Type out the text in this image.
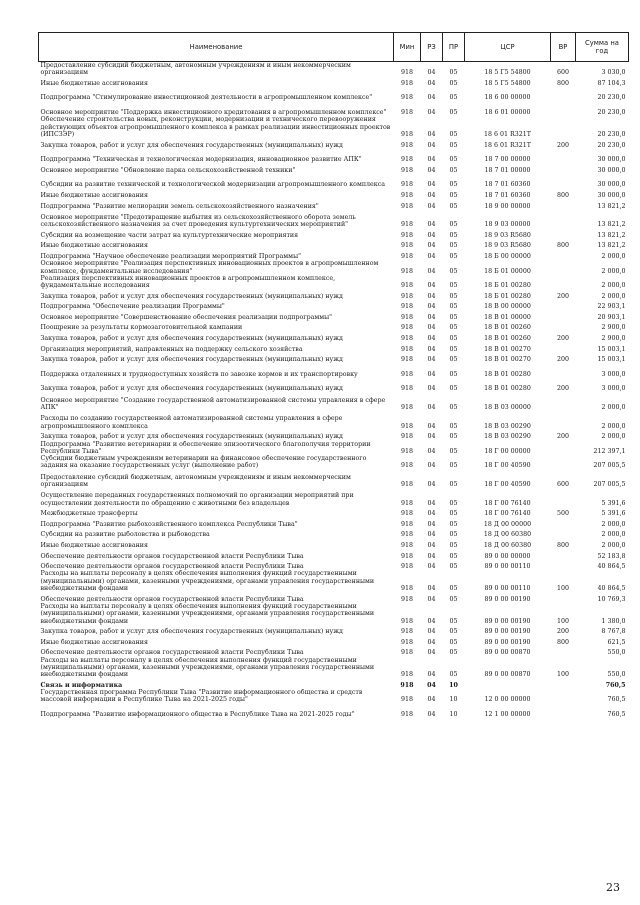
Наименование	Мин	РЗ	ПР	ЦСР	ВР	Сумма на год
Предоставление субсидий бюджетным, автономным учреждениям и иным некоммерческим организациям	918	04	05	18 5 Г5 54800	600	3 030,0
Иные бюджетные ассигнования	918	04	05	18 5 Г5 54800	800	87 104,3
Подпрограмма "Стимулирование инвестиционной деятельности в агропромышленном комплексе"	918	04	05	18 6 00 00000		20 230,0
Основное мероприятие "Поддержка инвестиционного кредитования в агропромышленном комплексе"	918	04	05	18 6 01 00000		20 230,0
Обеспечение строительства новых, реконструкции, модернизации и технического перевооружения действующих объектов агропромышленного комплекса в рамках реализации инвестиционных проектов (ИПСЗЭР)	918	04	05	18 6 01 R321Т		20 230,0
Закупка товаров, работ и услуг для обеспечения государственных (муниципальных) нужд	918	04	05	18 6 01 R321Т	200	20 230,0
Подпрограмма "Техническая и технологическая модернизация, инновационное развитие АПК"	918	04	05	18 7 00 00000		30 000,0
Основное мероприятие "Обновление парка сельскохозяйственной техники"	918	04	05	18 7 01 00000		30 000,0
Субсидии на развитие технической и технологической модернизации агропромышленного комплекса	918	04	05	18 7 01 60360		30 000,0
Иные бюджетные ассигнования	918	04	05	18 7 01 60360	800	30 000,0
Подпрограмма "Развитие мелиорации земель сельскохозяйственного назначения"	918	04	05	18 9 00 00000		13 821,2
Основное мероприятие "Предотвращение выбытия из сельскохозяйственного оборота земель сельскохозяйственного назначения за счет проведения культуртехнических мероприятий"	918	04	05	18 9 03 00000		13 821,2
Субсидии на возмещение части затрат на культуртехнические мероприятия	918	04	05	18 9 03 R5680		13 821,2
Иные бюджетные ассигнования	918	04	05	18 9 03 R5680	800	13 821,2
Подпрограмма "Научное обеспечение реализации мероприятий Программы"	918	04	05	18 Б 00 00000		2 000,0
Основное мероприятие "Реализация перспективных инновационных проектов в агропромышленном комплексе, фундаментальные исследования"	918	04	05	18 Б 01 00000		2 000,0
Реализация перспективных инновационных проектов в агропромышленном комплексе, фундаментальные исследования	918	04	05	18 Б 01 00280		2 000,0
Закупка товаров, работ и услуг для обеспечения государственных (муниципальных) нужд	918	04	05	18 Б 01 00280	200	2 000,0
Подпрограмма "Обеспечение реализации Программы"	918	04	05	18 В 00 00000		22 903,1
Основное мероприятие "Совершенствование обеспечения реализации подпрограммы"	918	04	05	18 В 01 00000		20 903,1
Поощрение за результаты кормозаготовительной кампании	918	04	05	18 В 01 00260		2 900,0
Закупка товаров, работ и услуг для обеспечения государственных (муниципальных) нужд	918	04	05	18 В 01 00260	200	2 900,0
Организация мероприятий, направленных на поддержку сельского хозяйства	918	04	05	18 В 01 00270		15 003,1
Закупка товаров, работ и услуг для обеспечения государственных (муниципальных) нужд	918	04	05	18 В 01 00270	200	15 003,1
Поддержка отдаленных и труднодоступных хозяйств по завозке кормов и их транспортировку	918	04	05	18 В 01 00280		3 000,0
Закупка товаров, работ и услуг для обеспечения государственных (муниципальных) нужд	918	04	05	18 В 01 00280	200	3 000,0
Основное мероприятие "Создание государственной автоматизированной системы управления в сфере АПК"	918	04	05	18 В 03 00000		2 000,0
Расходы по созданию государственной автоматизированной системы управления в сфере агропромышленного комплекса	918	04	05	18 В 03 00290		2 000,0
Закупка товаров, работ и услуг для обеспечения государственных (муниципальных) нужд	918	04	05	18 В 03 00290	200	2 000,0
Подпрограмма "Развитие ветеринарии и обеспечение эпизоотического благополучия территории Республики Тыва"	918	04	05	18 Г 00 00000		212 397,1
Субсидии бюджетным учреждениям ветеринарии на финансовое обеспечение государственного задания на оказание государственных услуг (выполнение работ)	918	04	05	18 Г 00 40590		207 005,5
Предоставление субсидий бюджетным, автономным учреждениям и иным некоммерческим организациям	918	04	05	18 Г 00 40590	600	207 005,5
Осуществление переданных государственных полномочий по организации мероприятий при осуществлении деятельности по обращению с животными без владельцев	918	04	05	18 Г 00 76140		5 391,6
Межбюджетные трансферты	918	04	05	18 Г 00 76140	500	5 391,6
Подпрограмма "Развитие рыбохозяйственного комплекса Республики Тыва"	918	04	05	18 Д 00 00000		2 000,0
Субсидии на развитие рыболовства и рыбоводства	918	04	05	18 Д 00 60380		2 000,0
Иные бюджетные ассигнования	918	04	05	18 Д 00 60380	800	2 000,0
Обеспечение деятельности органов государственной власти Республики Тыва	918	04	05	89 0 00 00000		52 183,8
Обеспечение деятельности органов государственной власти Республики Тыва	918	04	05	89 0 00 00110		40 864,5
Расходы на выплаты персоналу в целях обеспечения выполнения функций государственными (муниципальными) органами, казенными учреждениями, органами управления государственными внебюджетными фондами	918	04	05	89 0 00 00110	100	40 864,5
Обеспечение деятельности органов государственной власти Республики Тыва	918	04	05	89 0 00 00190		10 769,3
Расходы на выплаты персоналу в целях обеспечения выполнения функций государственными (муниципальными) органами, казенными учреждениями, органами управления государственными внебюджетными фондами	918	04	05	89 0 00 00190	100	1 380,0
Закупка товаров, работ и услуг для обеспечения государственных (муниципальных) нужд	918	04	05	89 0 00 00190	200	8 767,8
Иные бюджетные ассигнования	918	04	05	89 0 00 00190	800	621,5
Обеспечение деятельности органов государственной власти Республики Тыва	918	04	05	89 0 00 00870		550,0
Расходы на выплаты персоналу в целях обеспечения выполнения функций государственными (муниципальными) органами, казенными учреждениями, органами управления государственными внебюджетными фондами	918	04	05	89 0 00 00870	100	550,0
Связь и информатика	918	04	10			760,5
Государственная программа Республики Тыва "Развитие информационного общества и средств массовой информации в Республике Тыва на 2021-2025 годы"	918	04	10	12 0 00 00000		760,5
Подпрограмма "Развитие информационного общества в Республике Тыва на 2021-2025 годы"	918	04	10	12 1 00 00000		760,5
23
